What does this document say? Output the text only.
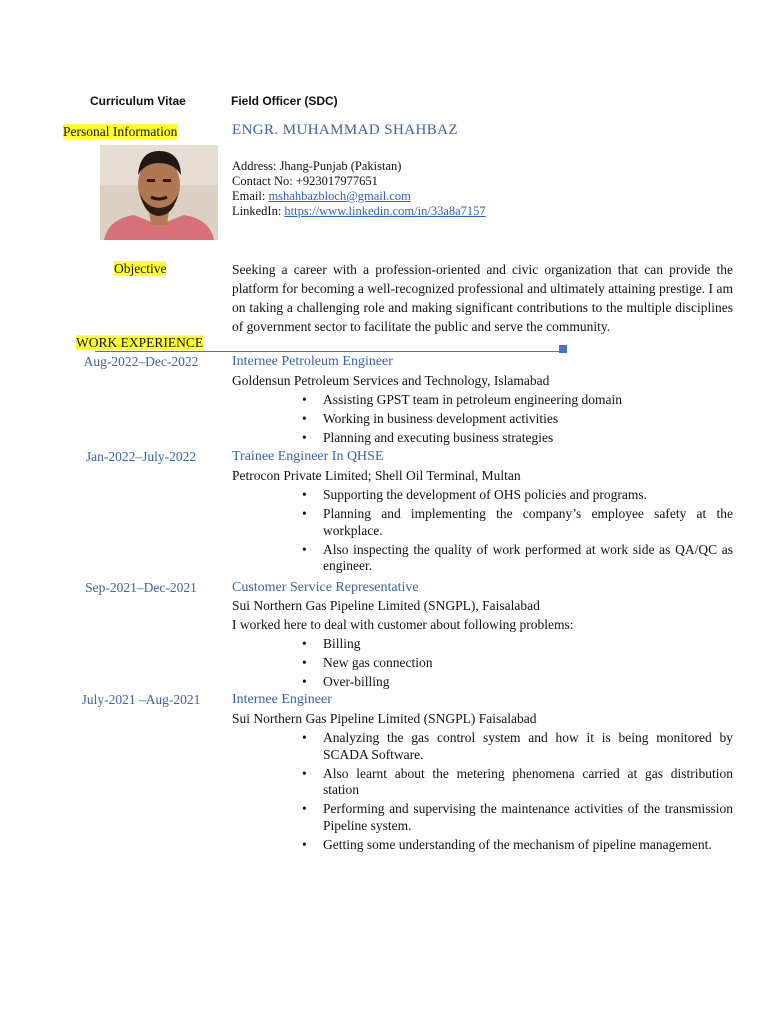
Curriculum Vitae	Field Officer (SDC)
Personal Information	ENGR. MUHAMMAD SHAHBAZ
Address: Jhang-Punjab (Pakistan)
Contact No: +923017977651
Email: mshahbazbloch@gmail.com
LinkedIn: https://www.linkedin.com/in/33a8a7157
Objective	Seeking a career with a profession-oriented and civic organization that can provide the platform for becoming a well-recognized professional and ultimately attaining prestige. I am on taking a challenging role and making significant contributions to the multiple disciplines of government sector to facilitate the public and serve the community.
WORK EXPERIENCE
Aug-2022–Dec-2022	Internee Petroleum Engineer
Goldensun Petroleum Services and Technology, Islamabad
• Assisting GPST team in petroleum engineering domain
• Working in business development activities
• Planning and executing business strategies
Jan-2022–July-2022	Trainee Engineer In QHSE
Petrocon Private Limited; Shell Oil Terminal, Multan
• Supporting the development of OHS policies and programs.
• Planning and implementing the company’s employee safety at the workplace.
• Also inspecting the quality of work performed at work side as QA/QC as engineer.
Sep-2021–Dec-2021	Customer Service Representative
Sui Northern Gas Pipeline Limited (SNGPL), Faisalabad
I worked here to deal with customer about following problems:
• Billing
• New gas connection
• Over-billing
July-2021 –Aug-2021	Internee Engineer
Sui Northern Gas Pipeline Limited (SNGPL) Faisalabad
• Analyzing the gas control system and how it is being monitored by SCADA Software.
• Also learnt about the metering phenomena carried at gas distribution station
• Performing and supervising the maintenance activities of the transmission Pipeline system.
• Getting some understanding of the mechanism of pipeline management.
